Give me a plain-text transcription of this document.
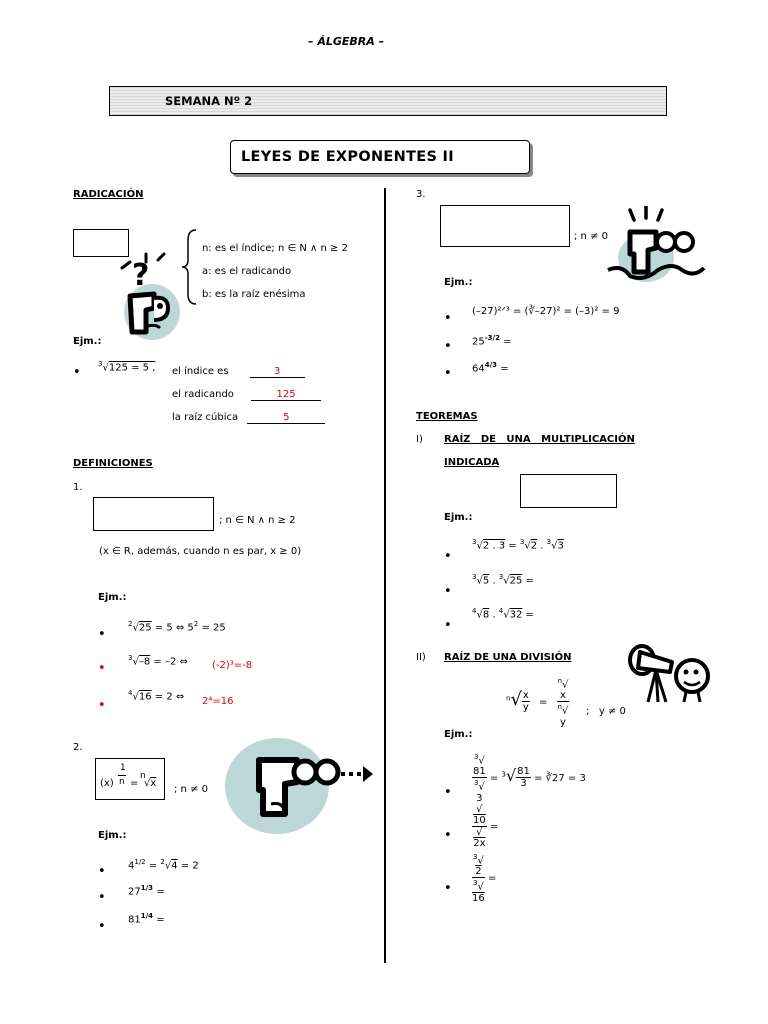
– ÁLGEBRA –
SEMANA Nº 2
LEYES DE EXPONENTES II
RADICACIÓN
?
n: es el índice; n ∈ N ∧ n ≥ 2
a: es el radicando
b: es la raíz enésima
Ejm.:
•
$^3$√125 = 5 , el índice es	3
el radicando	125
la raíz cúbica	5
DEFINICIONES
1.
; n ∈ N ∧ n ≥ 2
(x ∈ R, además, cuando n es par, x ≥ 0)
Ejm.:
•
$^2$√25 = 5 ⇔ $5^2 = 25$
•
$^3$√–8 = –2 ⇔ (-2)³=-8
•
$^4$√16 = 2 ⇔ 2⁴=16
2.
(x)
1
n =
n
√x
; n ≠ 0
Ejm.:
• $4^{1/2} = ^2√4 = 2$
• $27^{1/3}$ =
• $81^{1/4}$ =
3.
; n ≠ 0
Ejm.:
• (–27)²ᐟ³ = (∛–27)² = (–3)² = 9
• $25^{-3/2}$ =
• $64^{4/3}$ =
TEOREMAS
I) RAÍZ   DE   UNA   MULTIPLICACIÓN
INDICADA
Ejm.:
•
$^3$√2 . 3 = $^3$√2 . $^3$√3
•
$^3$√5 . $^3$√25 =
•
$^4$√8 . $^4$√32 =
II) RAÍZ DE UNA DIVISIÓN
$^n√ \frac{x}{y} = ^n√$
x
$^n$√
y ;   y ≠ 0
Ejm.:
•	$^3$√
81
$^3$√
$3 = ^3√ \frac{81}{3}$ = ∛27 = 3
• √
10
√
2x =
•	$^3$√
2
$^3$√
16 =
